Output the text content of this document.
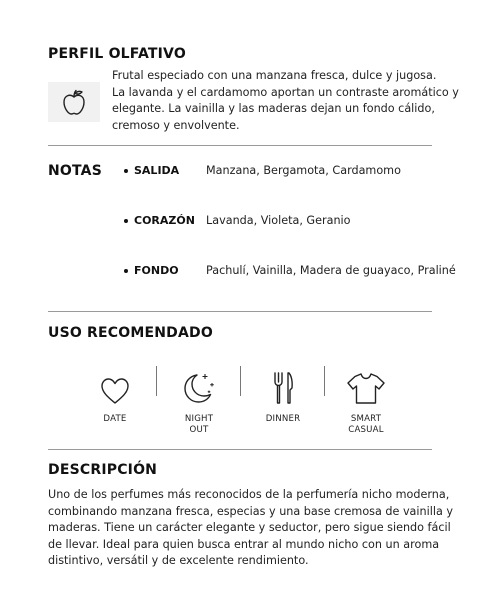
PERFIL OLFATIVO
Frutal especiado con una manzana fresca, dulce y jugosa.
La lavanda y el cardamomo aportan un contraste aromático y
elegante. La vainilla y las maderas dejan un fondo cálido,
cremoso y envolvente.
NOTAS	SALIDA	Manzana, Bergamota, Cardamomo
CORAZÓN Lavanda, Violeta, Geranio
FONDO	Pachulí, Vainilla, Madera de guayaco, Praliné
USO RECOMENDADO
DATE	NIGHT
OUT
DINNER	SMART
CASUAL
DESCRIPCIÓN
Uno de los perfumes más reconocidos de la perfumería nicho moderna,
combinando manzana fresca, especias y una base cremosa de vainilla y
maderas. Tiene un carácter elegante y seductor, pero sigue siendo fácil
de llevar. Ideal para quien busca entrar al mundo nicho con un aroma
distintivo, versátil y de excelente rendimiento.
